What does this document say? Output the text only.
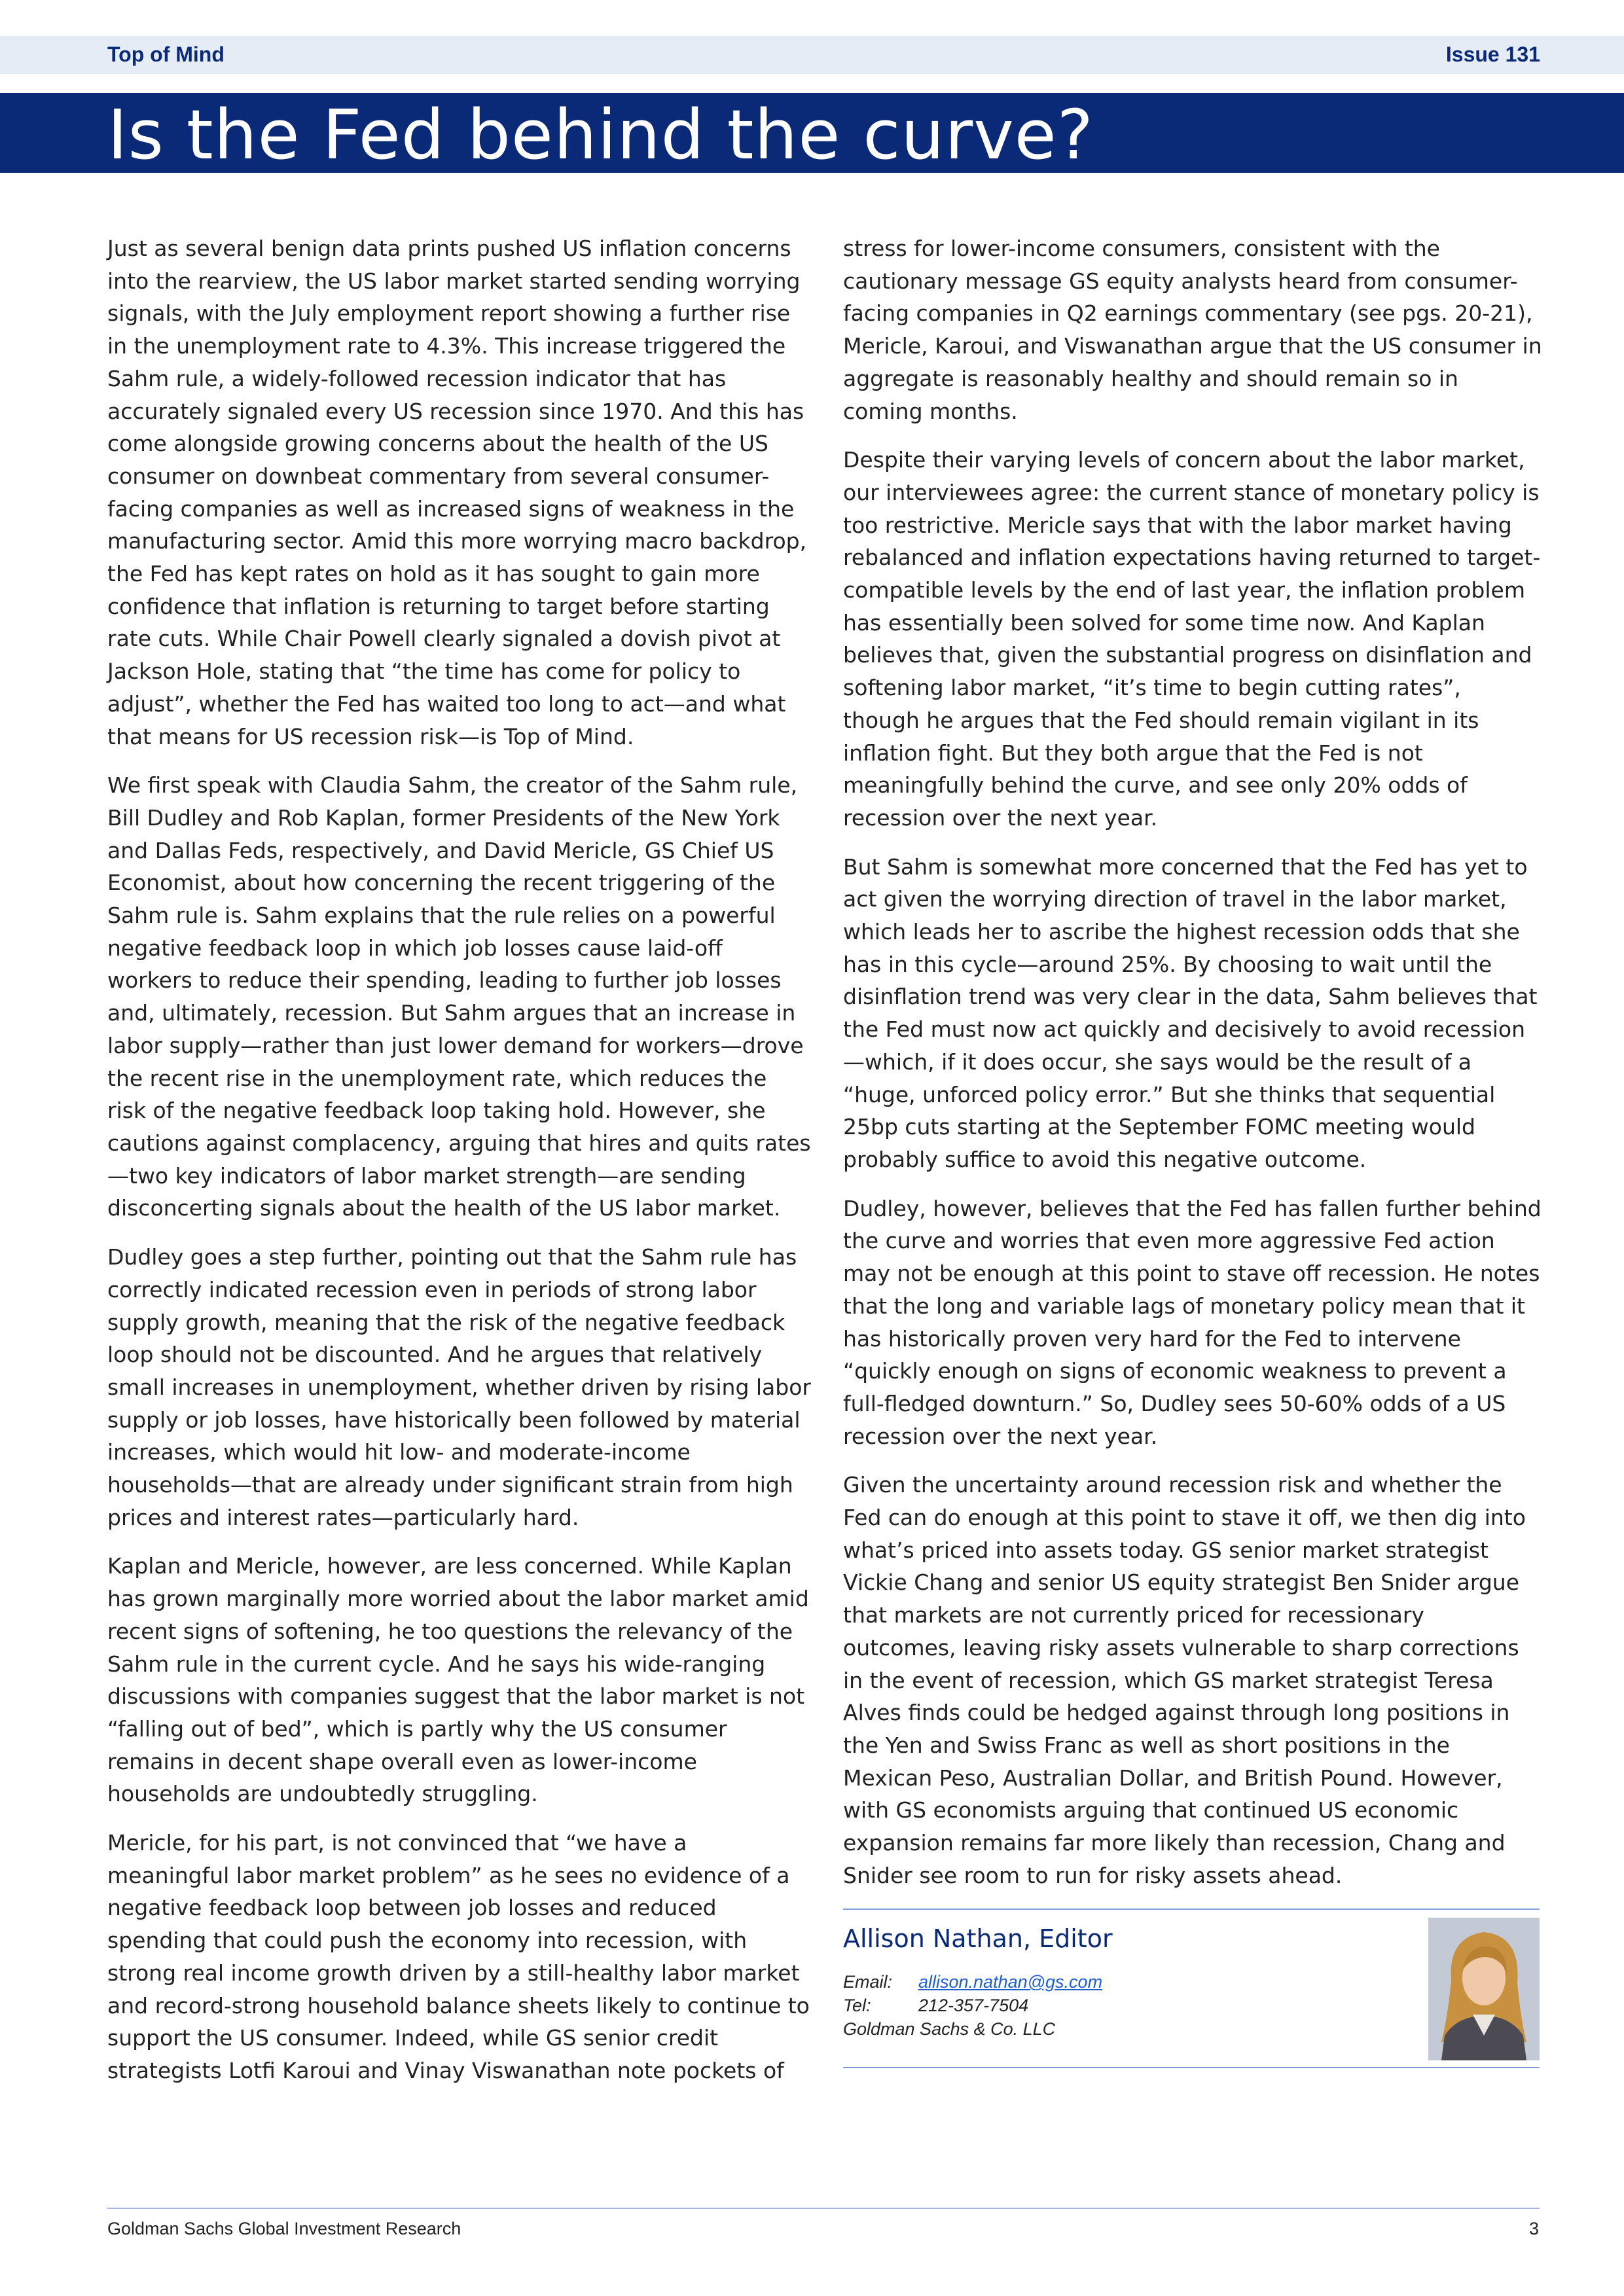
Top of Mind	Issue 131
Is the Fed behind the curve?

Just as several benign data prints pushed US inflation concerns into the rearview, the US labor market started sending worrying signals, with the July employment report showing a further rise in the unemployment rate to 4.3%. This increase triggered the Sahm rule, a widely-followed recession indicator that has accurately signaled every US recession since 1970. And this has come alongside growing concerns about the health of the US consumer on downbeat commentary from several consumer-facing companies as well as increased signs of weakness in the manufacturing sector. Amid this more worrying macro backdrop, the Fed has kept rates on hold as it has sought to gain more confidence that inflation is returning to target before starting rate cuts. While Chair Powell clearly signaled a dovish pivot at Jackson Hole, stating that “the time has come for policy to adjust”, whether the Fed has waited too long to act—and what that means for US recession risk—is Top of Mind.

We first speak with Claudia Sahm, the creator of the Sahm rule, Bill Dudley and Rob Kaplan, former Presidents of the New York and Dallas Feds, respectively, and David Mericle, GS Chief US Economist, about how concerning the recent triggering of the Sahm rule is. Sahm explains that the rule relies on a powerful negative feedback loop in which job losses cause laid-off workers to reduce their spending, leading to further job losses and, ultimately, recession. But Sahm argues that an increase in labor supply—rather than just lower demand for workers—drove the recent rise in the unemployment rate, which reduces the risk of the negative feedback loop taking hold. However, she cautions against complacency, arguing that hires and quits rates—two key indicators of labor market strength—are sending disconcerting signals about the health of the US labor market.

Dudley goes a step further, pointing out that the Sahm rule has correctly indicated recession even in periods of strong labor supply growth, meaning that the risk of the negative feedback loop should not be discounted. And he argues that relatively small increases in unemployment, whether driven by rising labor supply or job losses, have historically been followed by material increases, which would hit low- and moderate-income households—that are already under significant strain from high prices and interest rates—particularly hard.

Kaplan and Mericle, however, are less concerned. While Kaplan has grown marginally more worried about the labor market amid recent signs of softening, he too questions the relevancy of the Sahm rule in the current cycle. And he says his wide-ranging discussions with companies suggest that the labor market is not “falling out of bed”, which is partly why the US consumer remains in decent shape overall even as lower-income households are undoubtedly struggling.

Mericle, for his part, is not convinced that “we have a meaningful labor market problem” as he sees no evidence of a negative feedback loop between job losses and reduced spending that could push the economy into recession, with strong real income growth driven by a still-healthy labor market and record-strong household balance sheets likely to continue to support the US consumer. Indeed, while GS senior credit strategists Lotfi Karoui and Vinay Viswanathan note pockets of

stress for lower-income consumers, consistent with the cautionary message GS equity analysts heard from consumer-facing companies in Q2 earnings commentary (see pgs. 20-21), Mericle, Karoui, and Viswanathan argue that the US consumer in aggregate is reasonably healthy and should remain so in coming months.

Despite their varying levels of concern about the labor market, our interviewees agree: the current stance of monetary policy is too restrictive. Mericle says that with the labor market having rebalanced and inflation expectations having returned to target-compatible levels by the end of last year, the inflation problem has essentially been solved for some time now. And Kaplan believes that, given the substantial progress on disinflation and softening labor market, “it’s time to begin cutting rates”, though he argues that the Fed should remain vigilant in its inflation fight. But they both argue that the Fed is not meaningfully behind the curve, and see only 20% odds of recession over the next year.

But Sahm is somewhat more concerned that the Fed has yet to act given the worrying direction of travel in the labor market, which leads her to ascribe the highest recession odds that she has in this cycle—around 25%. By choosing to wait until the disinflation trend was very clear in the data, Sahm believes that the Fed must now act quickly and decisively to avoid recession—which, if it does occur, she says would be the result of a “huge, unforced policy error.” But she thinks that sequential 25bp cuts starting at the September FOMC meeting would probably suffice to avoid this negative outcome.

Dudley, however, believes that the Fed has fallen further behind the curve and worries that even more aggressive Fed action may not be enough at this point to stave off recession. He notes that the long and variable lags of monetary policy mean that it has historically proven very hard for the Fed to intervene “quickly enough on signs of economic weakness to prevent a full-fledged downturn.” So, Dudley sees 50-60% odds of a US recession over the next year.

Given the uncertainty around recession risk and whether the Fed can do enough at this point to stave it off, we then dig into what’s priced into assets today. GS senior market strategist Vickie Chang and senior US equity strategist Ben Snider argue that markets are not currently priced for recessionary outcomes, leaving risky assets vulnerable to sharp corrections in the event of recession, which GS market strategist Teresa Alves finds could be hedged against through long positions in the Yen and Swiss Franc as well as short positions in the Mexican Peso, Australian Dollar, and British Pound. However, with GS economists arguing that continued US economic expansion remains far more likely than recession, Chang and Snider see room to run for risky assets ahead.

Allison Nathan, Editor
Email:	allison.nathan@gs.com
Tel:	212-357-7504
Goldman Sachs & Co. LLC
Goldman Sachs Global Investment Research	3
